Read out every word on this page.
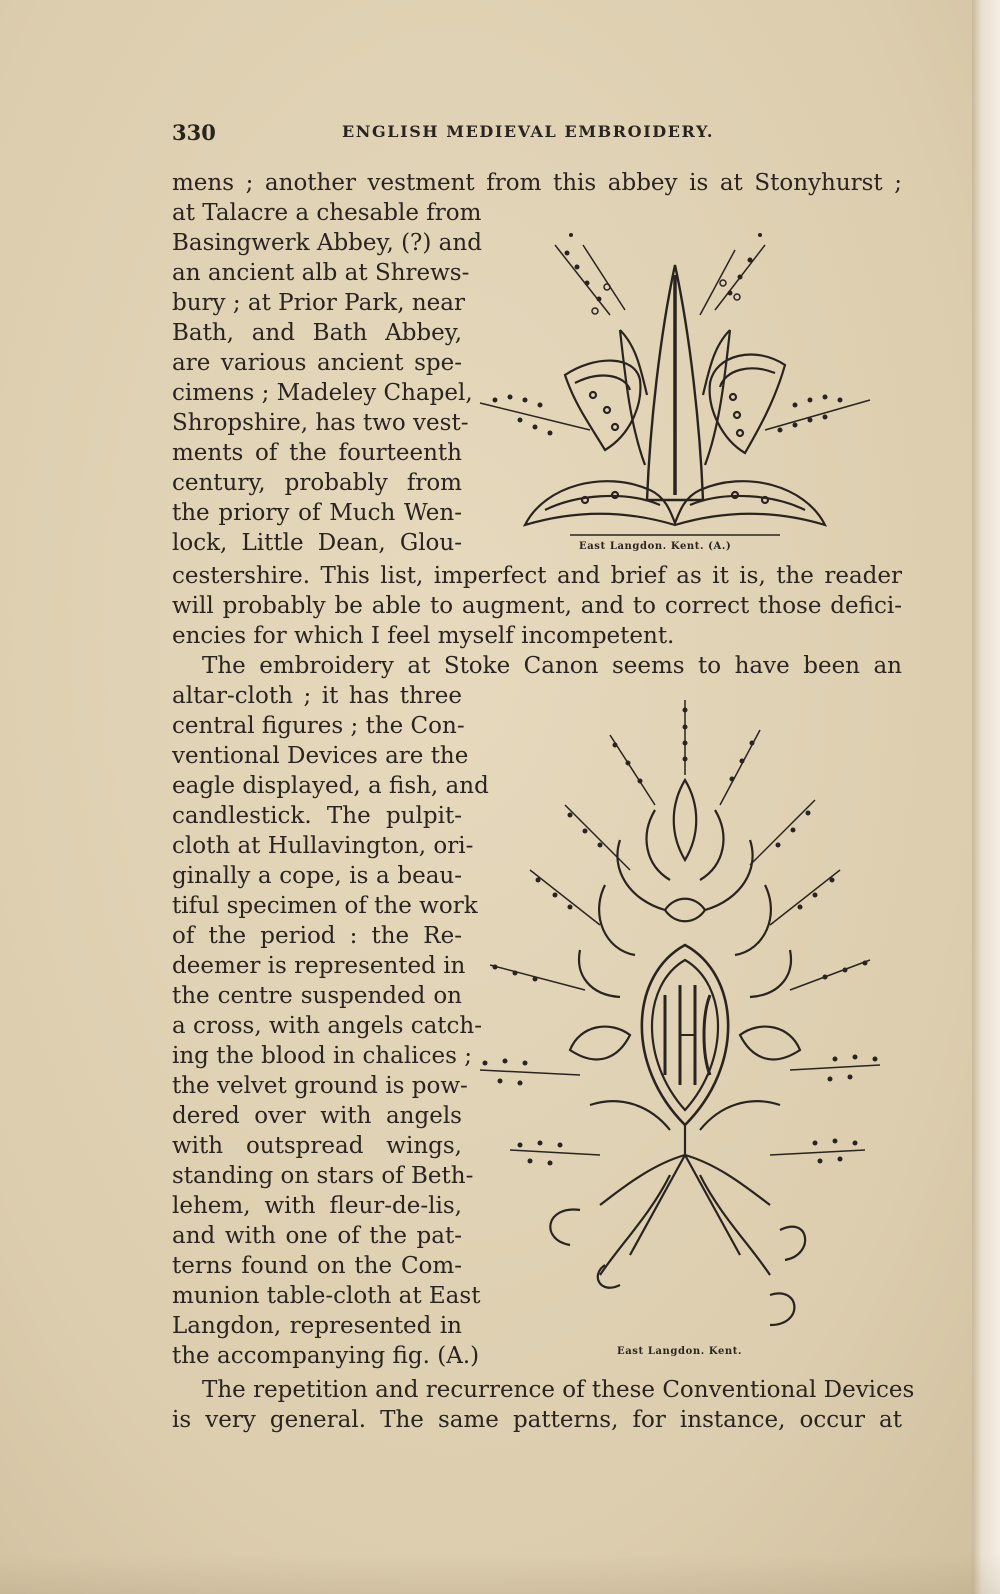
330	ENGLISH MEDIEVAL EMBROIDERY.
mens ; another vestment from this abbey is at Stonyhurst ;
at Talacre a chesable from
Basingwerk Abbey, (?) and
an ancient alb at Shrews-
bury ; at Prior Park, near
Bath, and Bath Abbey,
are various ancient spe-
cimens ; Madeley Chapel,
Shropshire, has two vest-
ments of the fourteenth
century, probably from
the priory of Much Wen-
lock, Little Dean, Glou-
cestershire. This list, imperfect and brief as it is, the reader
will probably be able to augment, and to correct those defici-
encies for which I feel myself incompetent.
The embroidery at Stoke Canon seems to have been an
altar-cloth ; it has three
central figures ; the Con-
ventional Devices are the
eagle displayed, a fish, and
candlestick. The pulpit-
cloth at Hullavington, ori-
ginally a cope, is a beau-
tiful specimen of the work
of the period : the Re-
deemer is represented in
the centre suspended on
a cross, with angels catch-
ing the blood in chalices ;
the velvet ground is pow-
dered over with angels
with outspread wings,
standing on stars of Beth-
lehem, with fleur-de-lis,
and with one of the pat-
terns found on the Com-
munion table-cloth at East
Langdon, represented in
the accompanying fig. (A.)
The repetition and recurrence of these Conventional Devices
is very general. The same patterns, for instance, occur at
East Langdon. Kent. (A.)
East Langdon. Kent.
